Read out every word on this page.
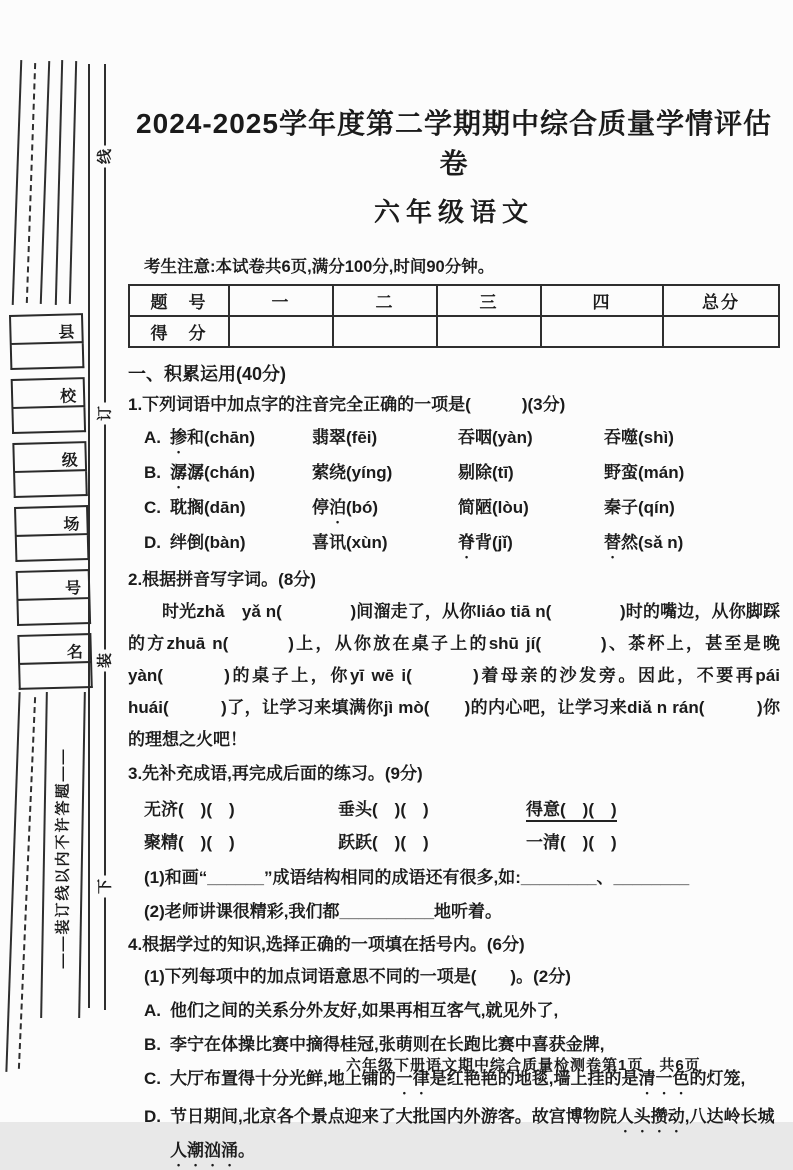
线
订
装
下
——装订线以内不许答题——
县
校
级
场
号
名
2024-2025学年度第二学期期中综合质量学情评估卷
六年级语文

考生注意:本试卷共6页,满分100分,时间90分钟。

题　号	一	二	三	四	总分
得　分					
一、积累运用(40分)

1.下列词语中加点字的注音完全正确的一项是(　　　)(3分)

A. 掺和(chān)	翡翠(fēi)	吞咽(yàn)	吞噬(shì)
B. 潺潺(chán)	萦绕(yíng)	剔除(tī)	野蛮(mán)
C. 耽搁(dān)	停泊(bó)	简陋(lòu)	秦子(qín)
D. 绊倒(bàn)	喜讯(xùn)	脊背(jǐ)	替然(sǎ n)

2.根据拼音写字词。(8分)

时光zhǎ　yǎ n(　　　　)间溜走了，从你liáo tiā n(　　　　)时的嘴边，从你脚踩的方zhuā n(　　　)上，从你放在桌子上的shū jí(　　　)、茶杯上，甚至是晚yàn(　　　)的桌子上，你yī wē i(　　　)着母亲的沙发旁。因此，不要再pái huái(　　　)了，让学习来填满你jì mò(　　)的内心吧，让学习来diǎ n rán(　　　)你的理想之火吧！

3.先补充成语,再完成后面的练习。(9分)

无济(　)(　)	垂头(　)(　)	得意(　)(　)
聚精(　)(　)	跃跃(　)(　)	一清(　)(　)

(1)和画“______”成语结构相同的成语还有很多,如:________、________

(2)老师讲课很精彩,我们都__________地听着。

4.根据学过的知识,选择正确的一项填在括号内。(6分)

(1)下列每项中的加点词语意思不同的一项是(　　)。(2分)

A. 他们之间的关系分外友好,如果再相互客气,就见外了,
B. 李宁在体操比赛中摘得桂冠,张萌则在长跑比赛中喜获金牌,
C. 大厅布置得十分光鲜,地上铺的一律是红艳艳的地毯,墙上挂的是清一色的灯笼,
D. 节日期间,北京各个景点迎来了大批国内外游客。故宫博物院人头攒动,八达岭长城人潮汹涌。
六年级下册语文期中综合质量检测卷第1页　共6页
